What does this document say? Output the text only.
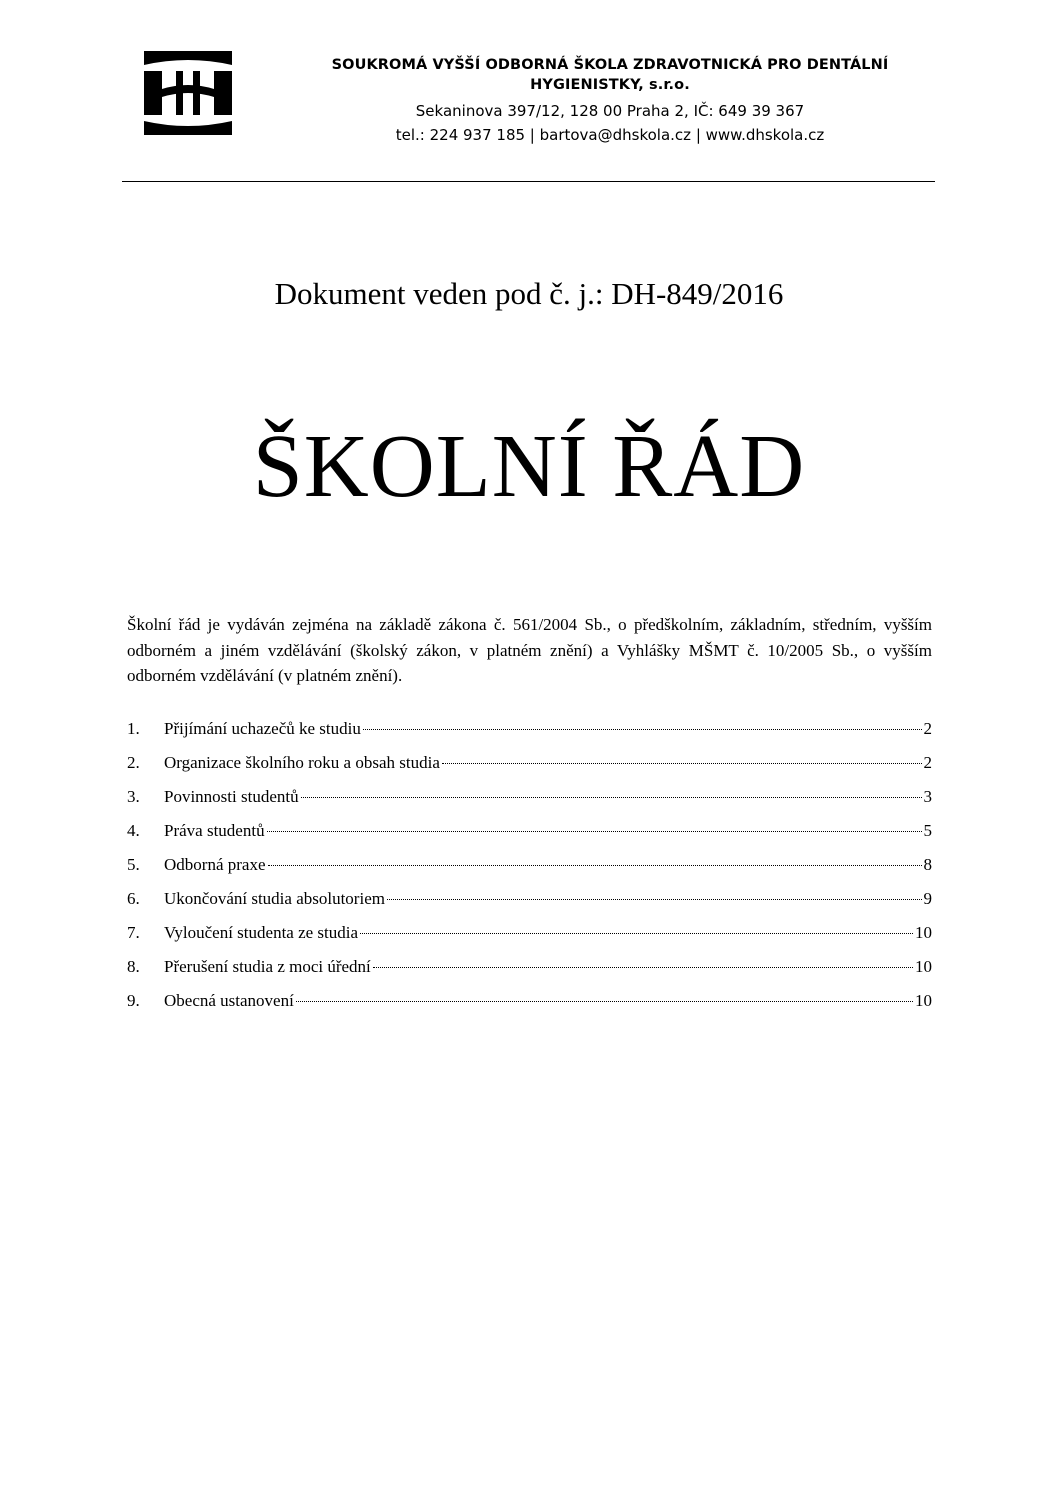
SOUKROMÁ VYŠŠÍ ODBORNÁ ŠKOLA ZDRAVOTNICKÁ PRO DENTÁLNÍ HYGIENISTKY, s.r.o.
Sekaninova 397/12, 128 00 Praha 2, IČ: 649 39 367
tel.: 224 937 185 | bartova@dhskola.cz | www.dhskola.cz
Dokument veden pod č. j.: DH-849/2016
ŠKOLNÍ ŘÁD
Školní řád je vydáván zejména na základě zákona č. 561/2004 Sb., o předškolním, základním, středním, vyšším odborném a jiném vzdělávání (školský zákon, v platném znění) a Vyhlášky MŠMT č. 10/2005 Sb., o vyšším odborném vzdělávání (v platném znění).
1.	Přijímání uchazečů ke studiu	2
2.	Organizace školního roku a obsah studia	2
3.	Povinnosti studentů	3
4.	Práva studentů	5
5.	Odborná praxe	8
6.	Ukončování studia absolutoriem	9
7.	Vyloučení studenta ze studia	10
8.	Přerušení studia z moci úřední	10
9.	Obecná ustanovení	10
